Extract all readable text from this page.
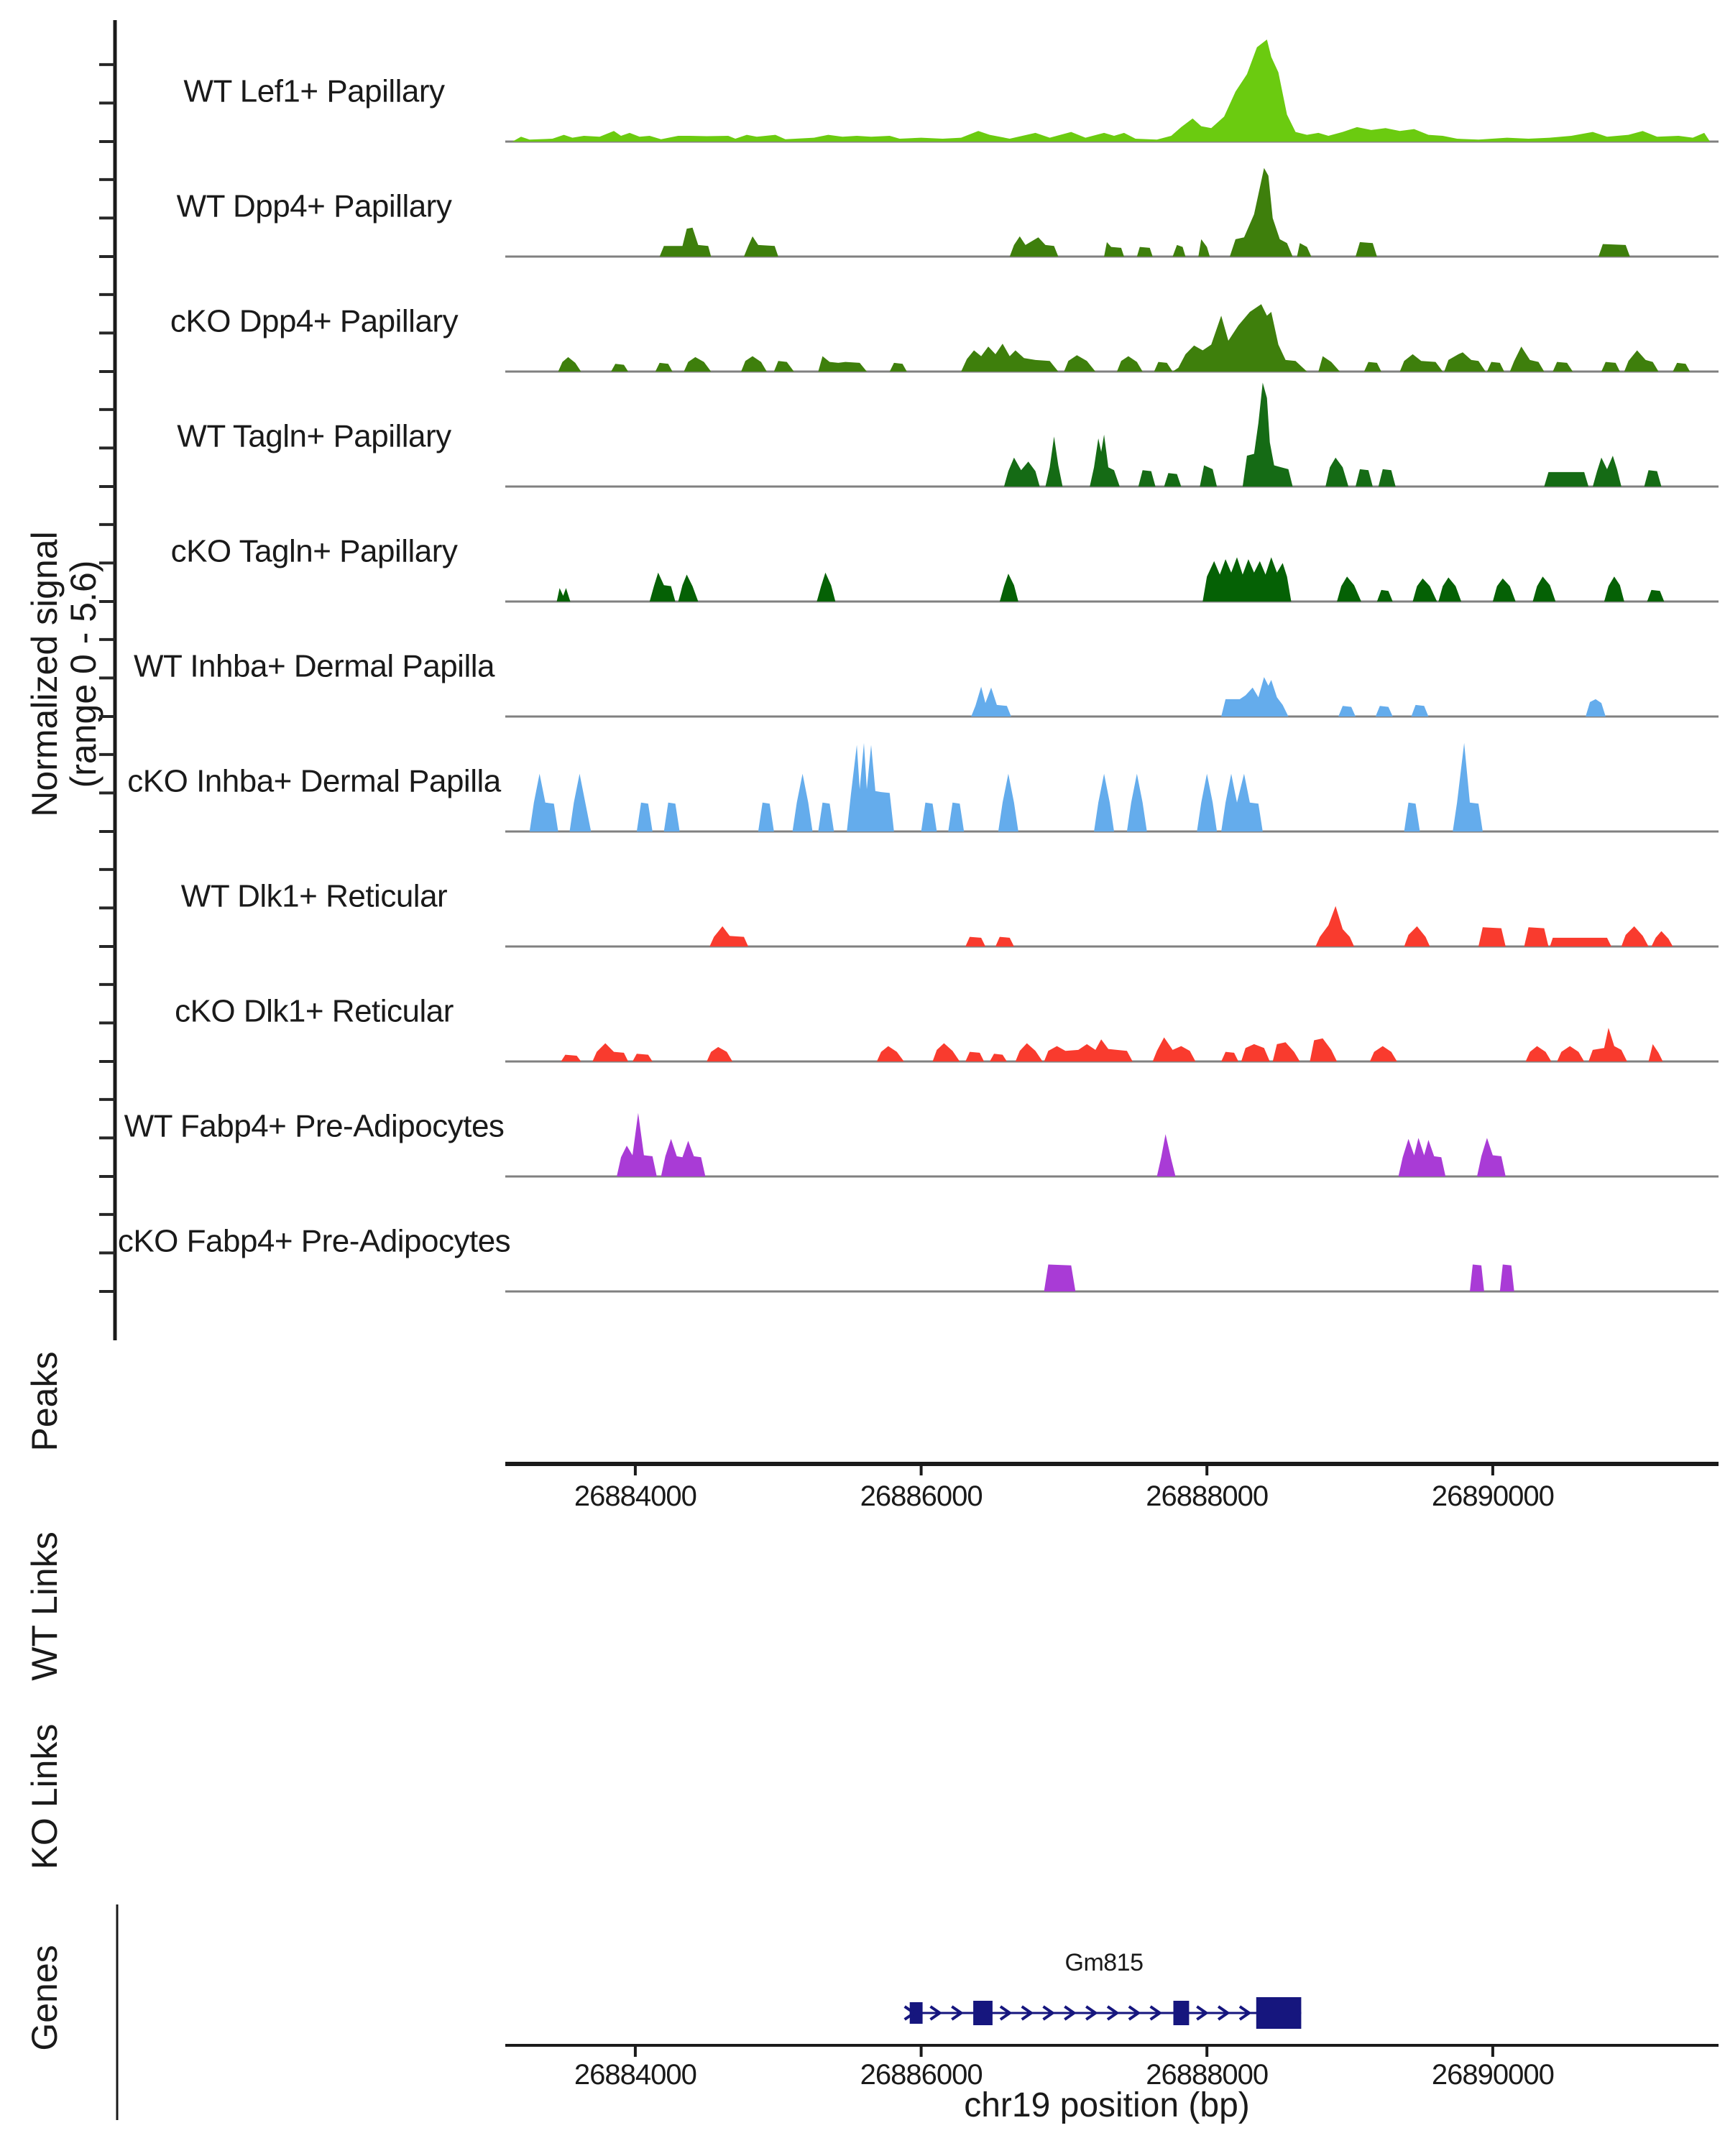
Normalized signal
(range 0 - 5.6)
Peaks
WT Links
KO Links
Genes
WT Lef1+ Papillary
WT Dpp4+ Papillary
cKO Dpp4+ Papillary
WT Tagln+ Papillary
cKO Tagln+ Papillary
WT Inhba+ Dermal Papilla
cKO Inhba+ Dermal Papilla
WT Dlk1+ Reticular
cKO Dlk1+ Reticular
WT Fabp4+ Pre-Adipocytes
cKO Fabp4+ Pre-Adipocytes
26884000	26886000	26888000	26890000
Gm815
26884000	26886000	26888000	26890000
chr19 position (bp)
